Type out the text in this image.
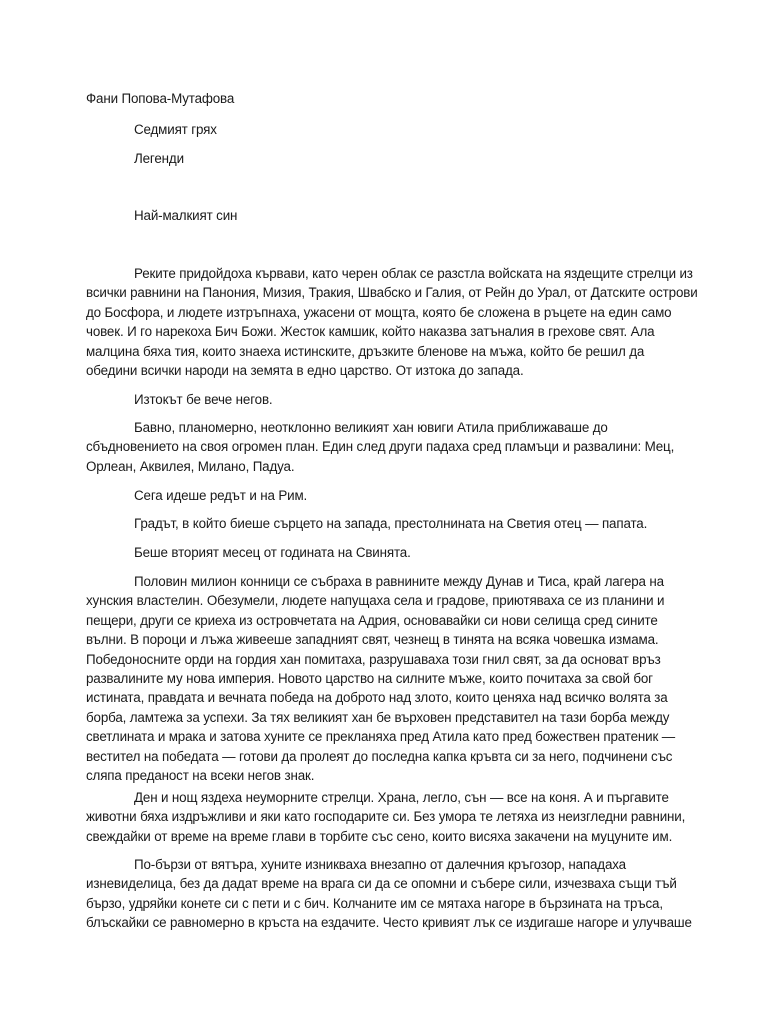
Фани Попова-Мутафова
Седмият грях
Легенди
Най-малкият син
Реките придойдоха кървави, като черен облак се разстла войската на яздещите стрелци из
всички равнини на Панония, Мизия, Тракия, Швабско и Галия, от Рейн до Урал, от Датските острови
до Босфора, и людете изтръпнаха, ужасени от мощта, която бе сложена в ръцете на един само
човек. И го нарекоха Бич Божи. Жесток камшик, който наказва затъналия в грехове свят. Ала
малцина бяха тия, които знаеха истинските, дръзките бленове на мъжа, който бе решил да
обедини всички народи на земята в едно царство. От изтока до запада.
Изтокът бе вече негов.
Бавно, планомерно, неотклонно великият хан ювиги Атила приближаваше до
сбъдновението на своя огромен план. Един след други падаха сред пламъци и развалини: Мец,
Орлеан, Аквилея, Милано, Падуа.
Сега идеше редът и на Рим.
Градът, в който биеше сърцето на запада, престолнината на Светия отец — папата.
Беше вторият месец от годината на Свинята.
Половин милион конници се събраха в равнините между Дунав и Тиса, край лагера на
хунския властелин. Обезумели, людете напущаха села и градове, приютяваха се из планини и
пещери, други се криеха из островчетата на Адрия, основавайки си нови селища сред сините
вълни. В пороци и лъжа живееше западният свят, чезнещ в тинята на всяка човешка измама.
Победоносните орди на гордия хан помитаха, разрушаваха този гнил свят, за да основат връз
развалините му нова империя. Новото царство на силните мъже, които почитаха за свой бог
истината, правдата и вечната победа на доброто над злото, които ценяха над всичко волята за
борба, ламтежа за успехи. За тях великият хан бе върховен представител на тази борба между
светлината и мрака и затова хуните се прекланяха пред Атила като пред божествен пратеник —
вестител на победата — готови да пролеят до последна капка кръвта си за него, подчинени със
сляпа преданост на всеки негов знак.
Ден и нощ яздеха неуморните стрелци. Храна, легло, сън — все на коня. А и пъргавите
животни бяха издръжливи и яки като господарите си. Без умора те летяха из неизгледни равнини,
свеждайки от време на време глави в торбите със сено, които висяха закачени на муцуните им.
По-бързи от вятъра, хуните изникваха внезапно от далечния кръгозор, нападаха
изневиделица, без да дадат време на врага си да се опомни и събере сили, изчезваха същи тъй
бързо, удряйки конете си с пети и с бич. Колчаните им се мятаха нагоре в бързината на тръса,
блъскайки се равномерно в кръста на ездачите. Често кривият лък се издигаше нагоре и улучваше
